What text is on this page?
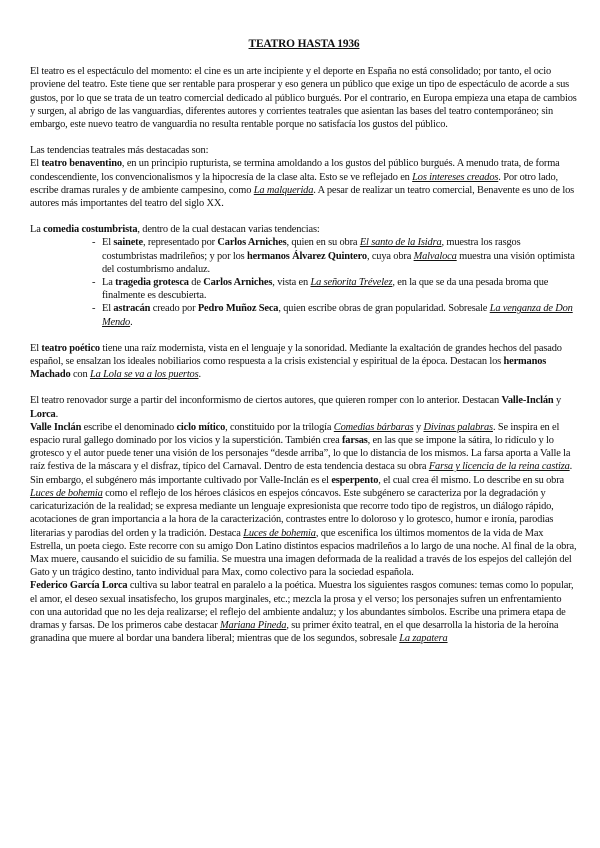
TEATRO HASTA 1936

El teatro es el espectáculo del momento: el cine es un arte incipiente y el deporte en España no está consolidado; por tanto, el ocio proviene del teatro. Este tiene que ser rentable para prosperar y eso genera un público que exige un tipo de espectáculo de acorde a sus gustos, por lo que se trata de un teatro comercial dedicado al público burgués. Por el contrario, en Europa empieza una etapa de cambios y surgen, al abrigo de las vanguardias, diferentes autores y corrientes teatrales que asientan las bases del teatro contemporáneo; sin embargo, este nuevo teatro de vanguardia no resulta rentable porque no satisfacía los gustos del público.

Las tendencias teatrales más destacadas son:

El teatro benaventino, en un principio rupturista, se termina amoldando a los gustos del público burgués. A menudo trata, de forma condescendiente, los convencionalismos y la hipocresía de la clase alta. Esto se ve reflejado en Los intereses creados. Por otro lado, escribe dramas rurales y de ambiente campesino, como La malquerida. A pesar de realizar un teatro comercial, Benavente es uno de los autores más importantes del teatro del siglo XX.

La comedia costumbrista, dentro de la cual destacan varias tendencias:

- El sainete, representado por Carlos Arniches, quien en su obra El santo de la Isidra, muestra los rasgos costumbristas madrileños; y por los hermanos Álvarez Quintero, cuya obra Malvaloca muestra una visión optimista del costumbrismo andaluz.
- La tragedia grotesca de Carlos Arniches, vista en La señorita Trévelez, en la que se da una pesada broma que finalmente es descubierta.
- El astracán creado por Pedro Muñoz Seca, quien escribe obras de gran popularidad. Sobresale La venganza de Don Mendo.

El teatro poético tiene una raíz modernista, vista en el lenguaje y la sonoridad. Mediante la exaltación de grandes hechos del pasado español, se ensalzan los ideales nobiliarios como respuesta a la crisis existencial y espiritual de la época. Destacan los hermanos Machado con La Lola se va a los puertos.

El teatro renovador surge a partir del inconformismo de ciertos autores, que quieren romper con lo anterior. Destacan Valle-Inclán y Lorca.

Valle Inclán escribe el denominado ciclo mítico, constituido por la trilogía Comedias bárbaras y Divinas palabras. Se inspira en el espacio rural gallego dominado por los vicios y la superstición. También crea farsas, en las que se impone la sátira, lo ridículo y lo grotesco y el autor puede tener una visión de los personajes “desde arriba”, lo que lo distancia de los mismos. La farsa aporta a Valle la raíz festiva de la máscara y el disfraz, típico del Carnaval. Dentro de esta tendencia destaca su obra Farsa y licencia de la reina castiza. Sin embargo, el subgénero más importante cultivado por Valle-Inclán es el esperpento, el cual crea él mismo. Lo describe en su obra Luces de bohemia como el reflejo de los héroes clásicos en espejos cóncavos. Este subgénero se caracteriza por la degradación y caricaturización de la realidad; se expresa mediante un lenguaje expresionista que recorre todo tipo de registros, un diálogo rápido, acotaciones de gran importancia a la hora de la caracterización, contrastes entre lo doloroso y lo grotesco, humor e ironía, parodias literarias y parodias del orden y la tradición. Destaca Luces de bohemia, que escenifica los últimos momentos de la vida de Max Estrella, un poeta ciego. Este recorre con su amigo Don Latino distintos espacios madrileños a lo largo de una noche. Al final de la obra, Max muere, causando el suicidio de su familia. Se muestra una imagen deformada de la realidad a través de los espejos del callejón del Gato y un trágico destino, tanto individual para Max, como colectivo para la sociedad española.

Federico García Lorca cultiva su labor teatral en paralelo a la poética. Muestra los siguientes rasgos comunes: temas como lo popular, el amor, el deseo sexual insatisfecho, los grupos marginales, etc.; mezcla la prosa y el verso; los personajes sufren un enfrentamiento con una autoridad que no les deja realizarse; el reflejo del ambiente andaluz; y los abundantes símbolos. Escribe una primera etapa de dramas y farsas. De los primeros cabe destacar Mariana Pineda, su primer éxito teatral, en el que desarrolla la historia de la heroína granadina que muere al bordar una bandera liberal; mientras que de los segundos, sobresale La zapatera
